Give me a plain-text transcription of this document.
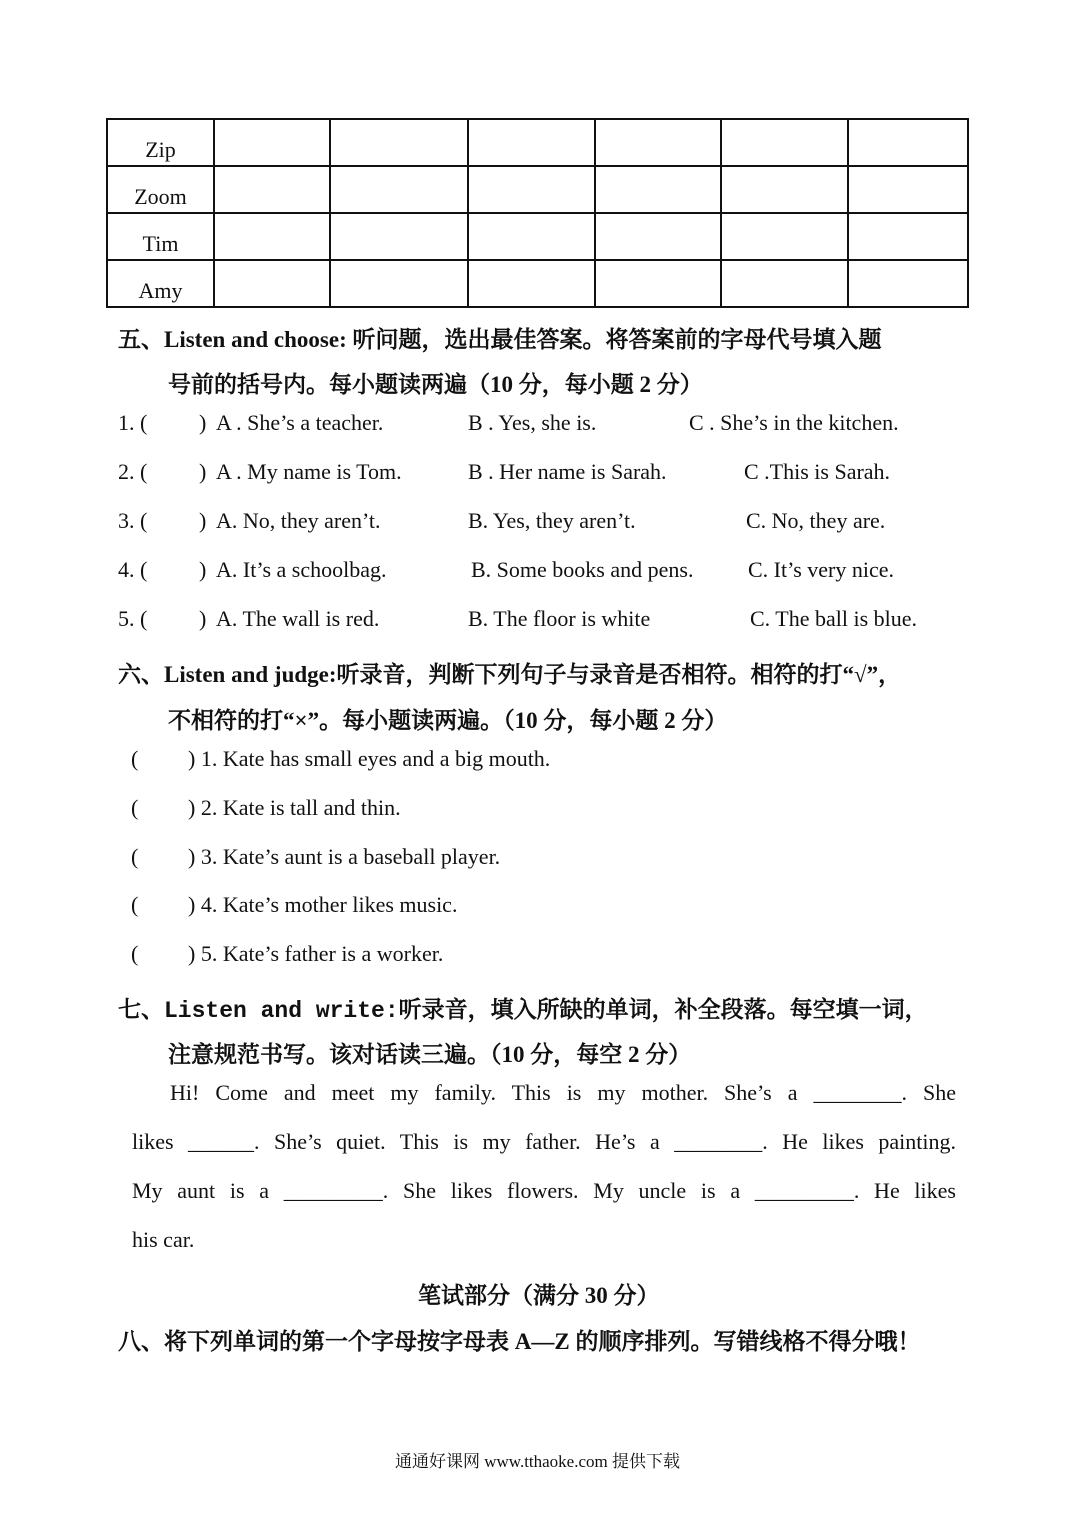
Zip						
Zoom						
Tim						
Amy						
五、Listen and choose: 听问题，选出最佳答案。将答案前的字母代号填入题
号前的括号内。每小题读两遍（10 分，每小题 2 分）
1. ( ) A . She’s a teacher.	B . Yes, she is.	C . She’s in the kitchen.
2. ( ) A . My name is Tom.	B . Her name is Sarah.	C .This is Sarah.
3. ( ) A. No, they aren’t.	B. Yes, they aren’t.	C. No, they are.
4. ( ) A. It’s a schoolbag.	B. Some books and pens. C. It’s very nice.
5. ( ) A. The wall is red.	B. The floor is white	C. The ball is blue.
六、Listen and judge:听录音，判断下列句子与录音是否相符。相符的打“√”，
不相符的打“×”。每小题读两遍。（10 分，每小题 2 分）
( ) 1. Kate has small eyes and a big mouth.
( ) 2. Kate is tall and thin.
( ) 3. Kate’s aunt is a baseball player.
( ) 4. Kate’s mother likes music.
( ) 5. Kate’s father is a worker.
七、Listen and write:听录音，填入所缺的单词，补全段落。每空填一词，
注意规范书写。该对话读三遍。（10 分，每空 2 分）
Hi! Come and meet my family. This is my mother. She’s a ________. She
likes ______. She’s quiet. This is my father. He’s a ________. He likes painting.
My aunt is a _________. She likes flowers. My uncle is a _________. He likes
his car.
笔试部分（满分 30 分）
八、将下列单词的第一个字母按字母表 A—Z 的顺序排列。写错线格不得分哦！
通通好课网 www.tthaoke.com 提供下载
